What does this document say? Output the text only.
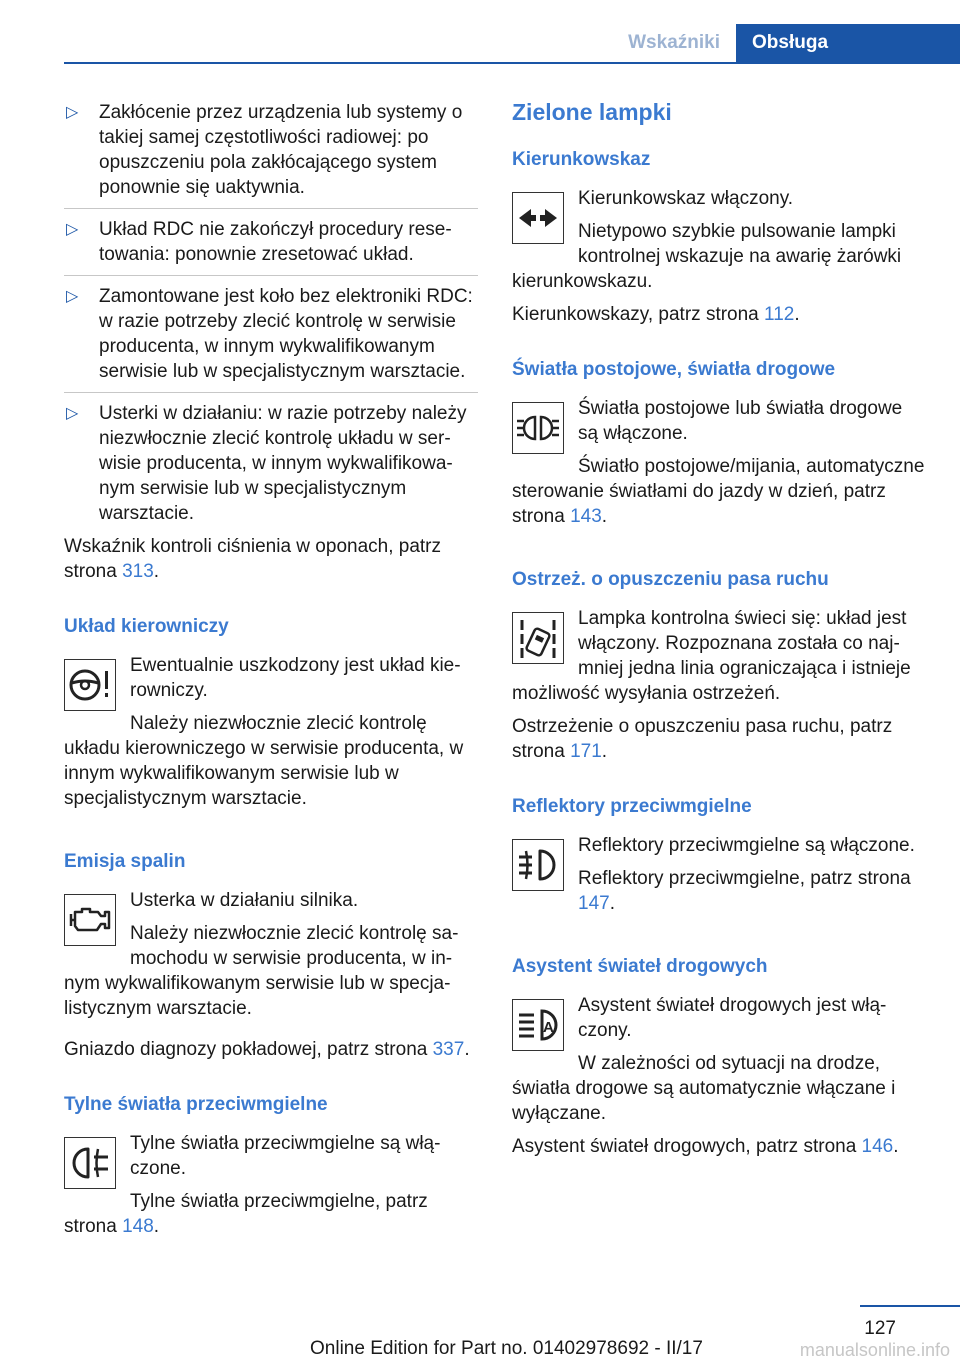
Wskaźniki	Obsługa
▷ Zakłócenie przez urządzenia lub systemy o takiej samej częstotliwości radiowej: po opuszczeniu pola zakłócającego system ponownie się uaktywnia.
▷ Układ RDC nie zakończył procedury resetowania: ponownie zresetować układ.
▷ Zamontowane jest koło bez elektroniki RDC: w razie potrzeby zlecić kontrolę w serwisie producenta, w innym wykwalifikowanym serwisie lub w specjalistycznym warsztacie.
▷ Usterki w działaniu: w razie potrzeby należy niezwłocznie zlecić kontrolę układu w serwisie producenta, w innym wykwalifikowanym serwisie lub w specjalistycznym warsztacie.

Wskaźnik kontroli ciśnienia w oponach, patrz strona 313.

Układ kierowniczy

Ewentualnie uszkodzony jest układ kierowniczy.

Należy niezwłocznie zlecić kontrolę układu kierowniczego w serwisie producenta, w innym wykwalifikowanym serwisie lub w specjalistycznym warsztacie.

Emisja spalin

Usterka w działaniu silnika.

Należy niezwłocznie zlecić kontrolę samochodu w serwisie producenta, w innym wykwalifikowanym serwisie lub w specjalistycznym warsztacie.

Gniazdo diagnozy pokładowej, patrz strona 337.

Tylne światła przeciwmgielne

Tylne światła przeciwmgielne są włączone.

Tylne światła przeciwmgielne, patrz strona 148.

Zielone lampki
Kierunkowskaz

Kierunkowskaz włączony.

Nietypowo szybkie pulsowanie lampki kontrolnej wskazuje na awarię żarówki kierunkowskazu.

Kierunkowskazy, patrz strona 112.

Światła postojowe, światła drogowe

Światła postojowe lub światła drogowe są włączone.

Światło postojowe/mijania, automatyczne sterowanie światłami do jazdy w dzień, patrz strona 143.

Ostrzeż. o opuszczeniu pasa ruchu

Lampka kontrolna świeci się: układ jest włączony. Rozpoznana została co najmniej jedna linia ograniczająca i istnieje możliwość wysyłania ostrzeżeń.

Ostrzeżenie o opuszczeniu pasa ruchu, patrz strona 171.

Reflektory przeciwmgielne

Reflektory przeciwmgielne są włączone.

Reflektory przeciwmgielne, patrz strona 147.

Asystent świateł drogowych
A

Asystent świateł drogowych jest włączony.

W zależności od sytuacji na drodze, światła drogowe są automatycznie włączane i wyłączane.

Asystent świateł drogowych, patrz strona 146.

127
Online Edition for Part no. 01402978692 - II/17	manualsonline.info
